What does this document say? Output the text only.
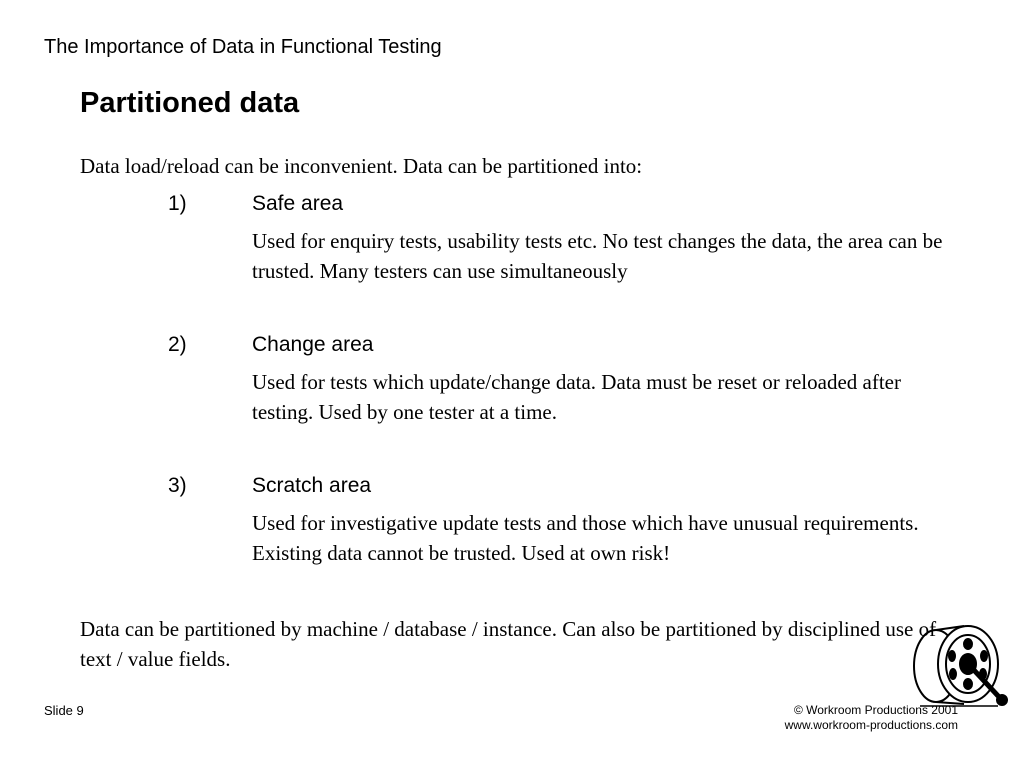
The Importance of Data in Functional Testing
Partitioned data
Data load/reload can be inconvenient. Data can be partitioned into:
1)	Safe area
Used for enquiry tests, usability tests etc. No test changes the data, the area can be trusted. Many testers can use simultaneously
2)	Change area
Used for tests which update/change data. Data must be reset or reloaded after testing. Used by one tester at a time.
3)	Scratch area
Used for investigative update tests and those which have unusual requirements. Existing data cannot be trusted. Used at own risk!
Data can be partitioned by machine / database / instance. Can also be partitioned by disciplined use of text / value fields.
Slide 9	© Workroom Productions 2001
www.workroom-productions.com
